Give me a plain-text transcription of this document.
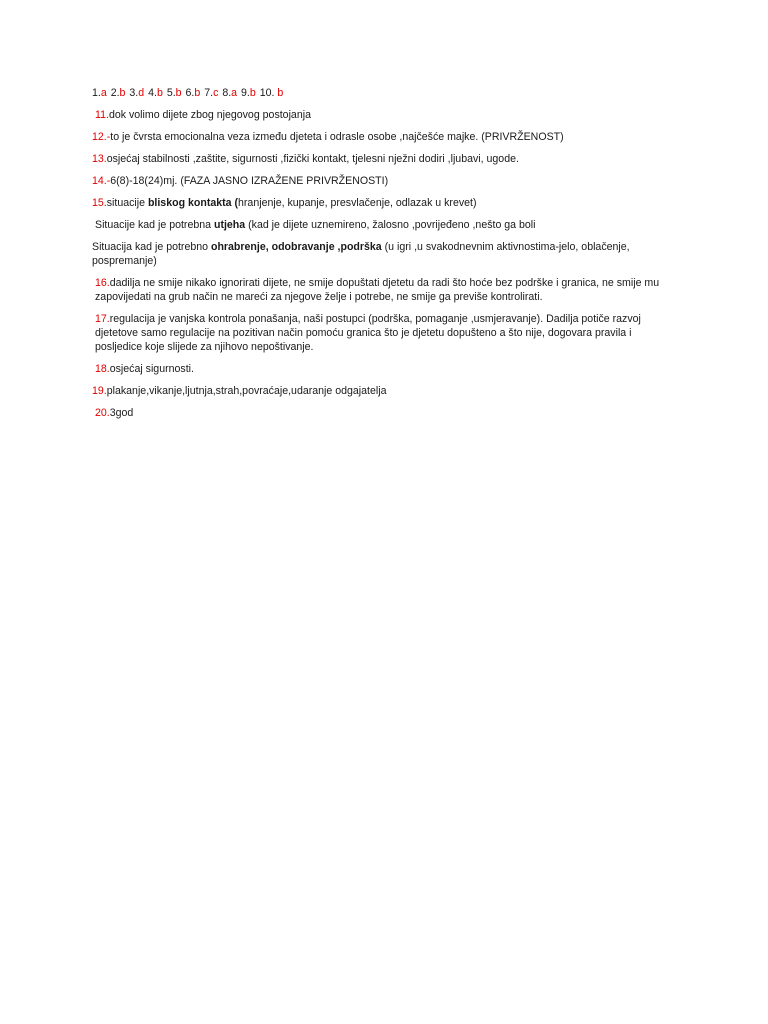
1.a 2.b 3.d 4.b 5.b 6.b 7.c 8.a 9.b 10. b

11.dok volimo dijete zbog njegovog postojanja

12.-to je čvrsta emocionalna veza između djeteta i odrasle osobe ,najčešće majke. (PRIVRŽENOST)

13.osjećaj stabilnosti ,zaštite, sigurnosti ,fizički kontakt, tjelesni nježni dodiri ,ljubavi, ugode.

14.-6(8)-18(24)mj. (FAZA JASNO IZRAŽENE PRIVRŽENOSTI)

15.situacije bliskog kontakta (hranjenje, kupanje, presvlačenje, odlazak u krevet)

Situacije kad je potrebna utjeha (kad je dijete uznemireno, žalosno ,povrijeđeno ,nešto ga boli

Situacija kad je potrebno ohrabrenje, odobravanje ,podrška (u igri ,u svakodnevnim aktivnostima-jelo, oblačenje, pospremanje)

16.dadilja ne smije nikako ignorirati dijete, ne smije dopuštati djetetu da radi što hoće bez podrške i granica, ne smije mu zapovijedati na grub način ne mareći za njegove želje i potrebe, ne smije ga previše kontrolirati.

17.regulacija je vanjska kontrola ponašanja, naši postupci (podrška, pomaganje ,usmjeravanje). Dadilja potiče razvoj djetetove samo regulacije na pozitivan način pomoću granica što je djetetu dopušteno a što nije, dogovara pravila i posljedice koje slijede za njihovo nepoštivanje.

18.osjećaj sigurnosti.

19.plakanje,vikanje,ljutnja,strah,povraćaje,udaranje odgajatelja

20.3god
